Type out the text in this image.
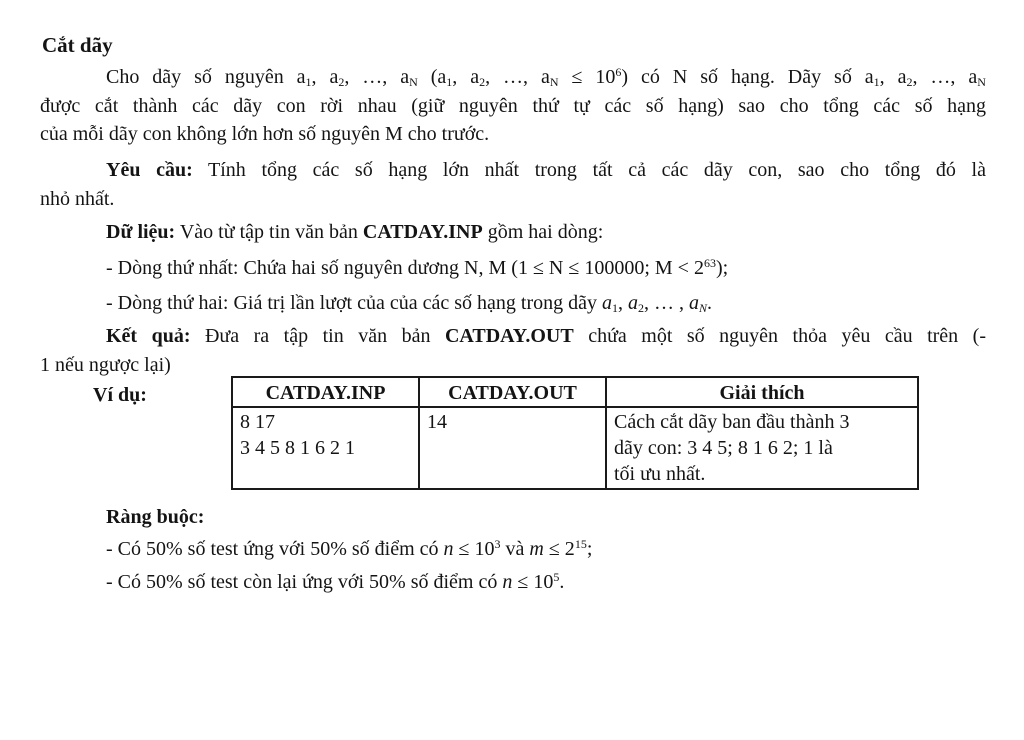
Cắt dãy
Cho dãy số nguyên $a_1$, $a_2$, …, $a_N$ ($a_1$, $a_2$, …, $a_N \le 10^6$) có N số hạng. Dãy số $a_1$, $a_2$, …, $a_N$
được cắt thành các dãy con rời nhau (giữ nguyên thứ tự các số hạng) sao cho tổng các số hạng
của mỗi dãy con không lớn hơn số nguyên M cho trước.
Yêu cầu: Tính tổng các số hạng lớn nhất trong tất cả các dãy con, sao cho tổng đó là
nhỏ nhất.
Dữ liệu: Vào từ tập tin văn bản CATDAY.INP gồm hai dòng:
- Dòng thứ nhất: Chứa hai số nguyên dương N, M (1 ≤ N ≤ 100000; $M < 2^{63}$);
- Dòng thứ hai: Giá trị lần lượt của của các số hạng trong dãy $a_1$, $a_2$, … , $a_N$.
Kết quả: Đưa ra tập tin văn bản CATDAY.OUT chứa một số nguyên thỏa yêu cầu trên (-
1 nếu ngược lại)
Ví dụ:	CATDAY.INP	CATDAY.OUT	Giải thích

8 17
3 4 5 8 1 6 2 1	14	Cách cắt dãy ban đầu thành 3
dãy con: 3 4 5; 8 1 6 2; 1 là
tối ưu nhất.
Ràng buộc:
- Có 50% số test ứng với 50% số điểm có $n \le 10^3$ và $m \le 2^{15}$;
- Có 50% số test còn lại ứng với 50% số điểm có $n \le 10^5$.
